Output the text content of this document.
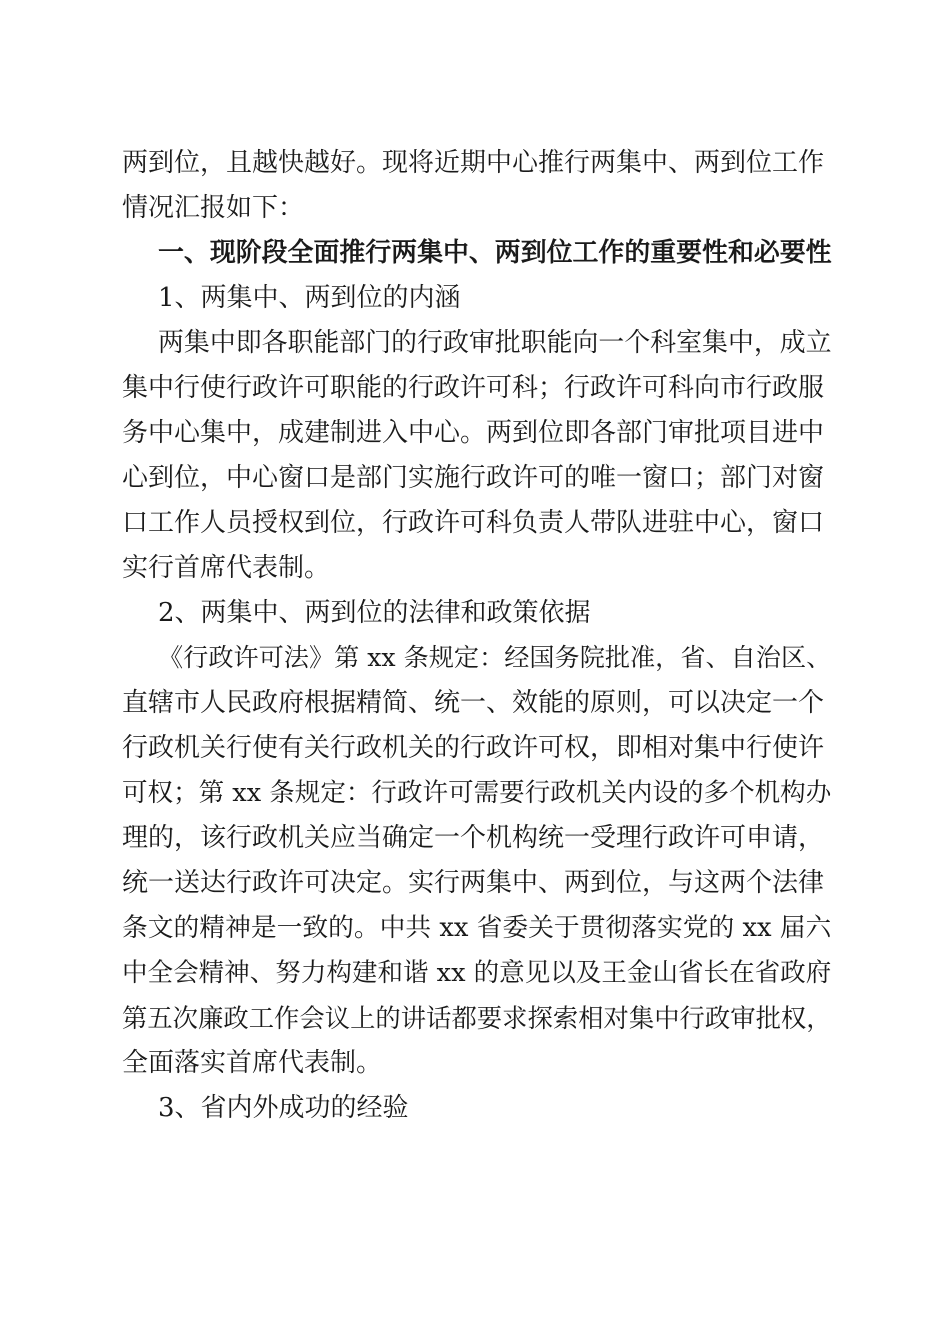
两到位，且越快越好。现将近期中心推行两集中、两到位工作
情况汇报如下：
一、现阶段全面推行两集中、两到位工作的重要性和必要性
1、两集中、两到位的内涵
两集中即各职能部门的行政审批职能向一个科室集中，成立
集中行使行政许可职能的行政许可科；行政许可科向市行政服
务中心集中，成建制进入中心。两到位即各部门审批项目进中
心到位，中心窗口是部门实施行政许可的唯一窗口；部门对窗
口工作人员授权到位，行政许可科负责人带队进驻中心，窗口
实行首席代表制。
2、两集中、两到位的法律和政策依据
《行政许可法》第 xx 条规定：经国务院批准，省、自治区、
直辖市人民政府根据精简、统一、效能的原则，可以决定一个
行政机关行使有关行政机关的行政许可权，即相对集中行使许
可权；第 xx 条规定：行政许可需要行政机关内设的多个机构办
理的，该行政机关应当确定一个机构统一受理行政许可申请，
统一送达行政许可决定。实行两集中、两到位，与这两个法律
条文的精神是一致的。中共 xx 省委关于贯彻落实党的 xx 届六
中全会精神、努力构建和谐 xx 的意见以及王金山省长在省政府
第五次廉政工作会议上的讲话都要求探索相对集中行政审批权，
全面落实首席代表制。
3、省内外成功的经验
